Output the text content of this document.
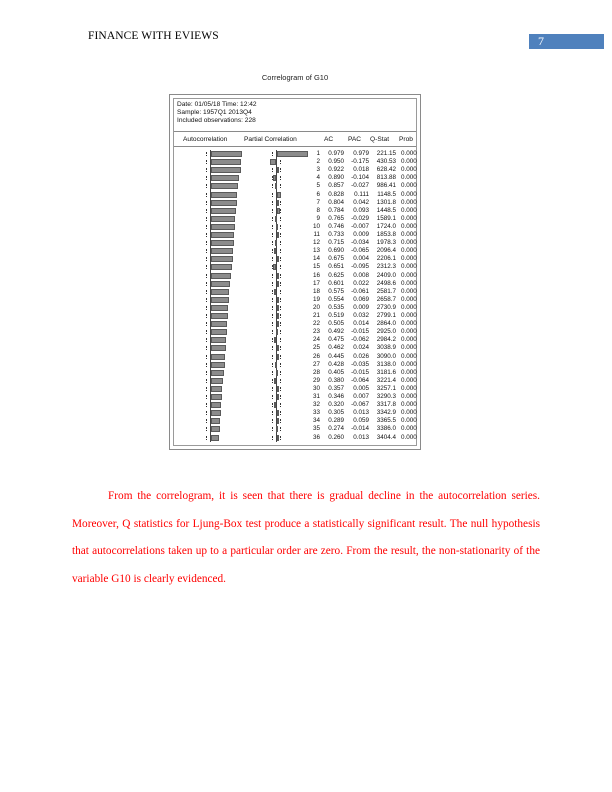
FINANCE WITH EVIEWS	7
Correlogram of G10
Date: 01/05/18 Time: 12:42
Sample: 1957Q1 2013Q4
Included observations: 228
Autocorrelation	Partial Correlation	AC PAC Q-Stat Prob
1	0.979	0.979	221.15 0.000
2	0.950	-0.175	430.53 0.000
3	0.922	0.018	628.42 0.000
4	0.890	-0.104	813.88 0.000
5	0.857	-0.027	986.41 0.000
6	0.828	0.111	1148.5 0.000
7	0.804	0.042	1301.8 0.000
8	0.784	0.093	1448.5 0.000
9	0.765	-0.029	1589.1 0.000
10	0.746	-0.007	1724.0 0.000
11	0.733	0.009	1853.8 0.000
12	0.715	-0.034	1978.3 0.000
13	0.690	-0.065	2096.4 0.000
14	0.675	0.004	2206.1 0.000
15	0.651	-0.095	2312.3 0.000
16	0.625	0.008	2409.0 0.000
17	0.601	0.022	2498.6 0.000
18	0.575	-0.061	2581.7 0.000
19	0.554	0.069	2658.7 0.000
20	0.535	0.009	2730.9 0.000
21	0.519	0.032	2799.1 0.000
22	0.505	0.014	2864.0 0.000
23	0.492	-0.015	2925.0 0.000
24	0.475	-0.062	2984.2 0.000
25	0.462	0.024	3038.9 0.000
26	0.445	0.026	3090.0 0.000
27	0.428	-0.035	3138.0 0.000
28	0.405	-0.015	3181.6 0.000
29	0.380	-0.064	3221.4 0.000
30	0.357	0.005	3257.1 0.000
31	0.346	0.007	3290.3 0.000
32	0.320	-0.067	3317.8 0.000
33	0.305	0.013	3342.9 0.000
34	0.289	0.059	3365.5 0.000
35	0.274	-0.014	3386.0 0.000
36	0.260	0.013	3404.4 0.000

From the correlogram, it is seen that there is gradual decline in the autocorrelation series. Moreover, Q statistics for Ljung-Box test produce a statistically significant result. The null hypothesis that autocorrelations taken up to a particular order are zero. From the result, the non-stationarity of the variable G10 is clearly evidenced.
